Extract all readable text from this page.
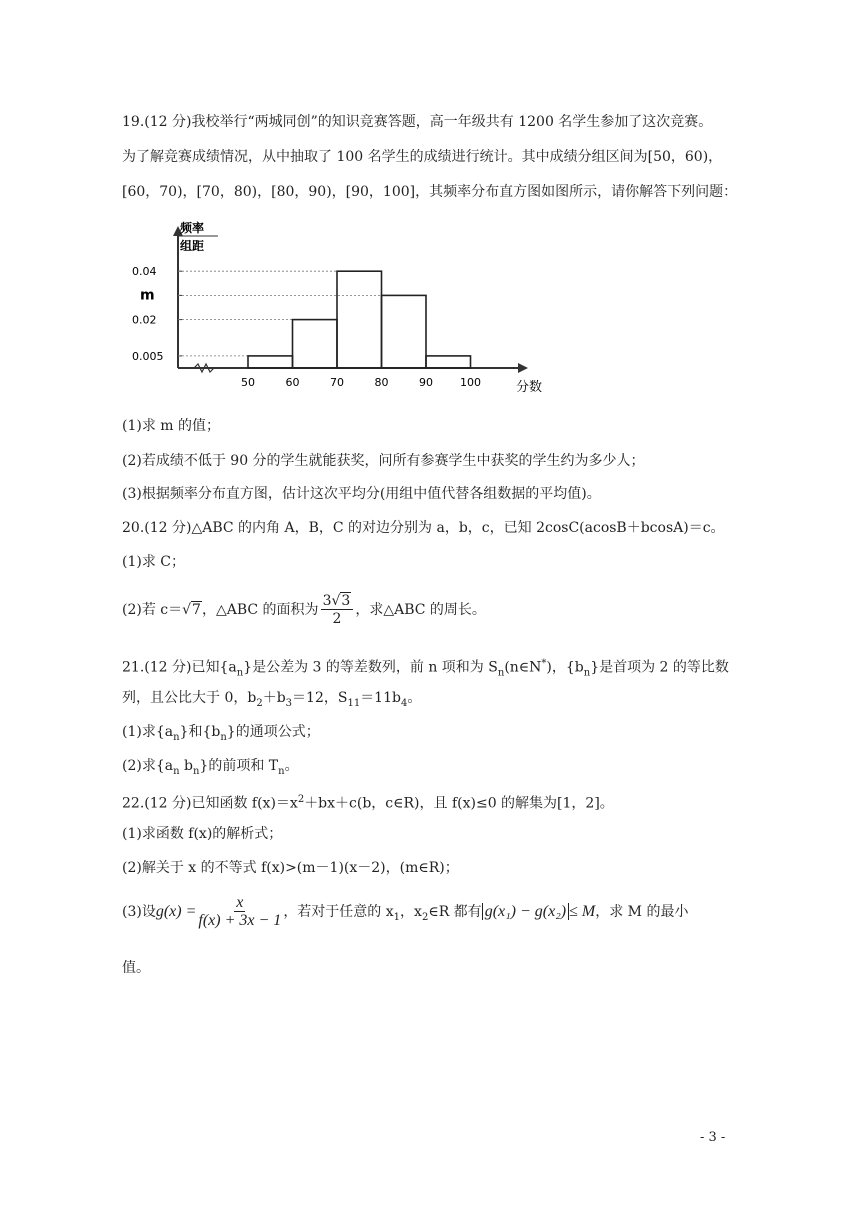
19.(12 分)我校举行“两城同创”的知识竞赛答题，高一年级共有 1200 名学生参加了这次竞赛。
为了解竞赛成绩情况，从中抽取了 100 名学生的成绩进行统计。其中成绩分组区间为[50，60)，
[60，70)，[70，80)，[80，90)，[90，100]，其频率分布直方图如图所示，请你解答下列问题：
频率
组距
0.04
m
0.02
0.005
50	60	70	80	90 100	分数
(1)求 m 的值；
(2)若成绩不低于 90 分的学生就能获奖，问所有参赛学生中获奖的学生约为多少人；
(3)根据频率分布直方图，估计这次平均分(用组中值代替各组数据的平均值)。
20.(12 分)△ABC 的内角 A，B，C 的对边分别为 a，b，c，已知 2cosC(acosB＋bcosA)＝c。
(1)求 C；
(2)若 c＝√7，△ABC 的面积为 $\frac{3√3}{2}$ ，求△ABC 的周长。
21.(12 分)已知$\{a_n\}$是公差为 3 的等差数列，前 n 项和为 $S_n(n\in N^*)$，$\{b_n\}$是首项为 2 的等比数
列，且公比大于 0，$b_2+b_3=12$，$S_{11}=11b_4$。
(1)求$\{a_n\}$和$\{b_n\}$的通项公式；
(2)求{$a_n$ $b_n$}的前项和 $T_n$。
22.(12 分)已知函数 $f(x)=x^2+bx+c(b$，c∈R)，且 f(x)≤0 的解集为[1，2]。
(1)求函数 f(x)的解析式；
(2)解关于 x 的不等式 f(x)>(m－1)(x－2)，(m∈R)；
(3)设$g(x) = \frac{x}{f(x) + 3x - 1}$ ，若对于任意的 $x_1$，$x_2\in R$ 都有 g(x₁) − g(x₂) ≤ M，求 M 的最小
值。
- 3 -
